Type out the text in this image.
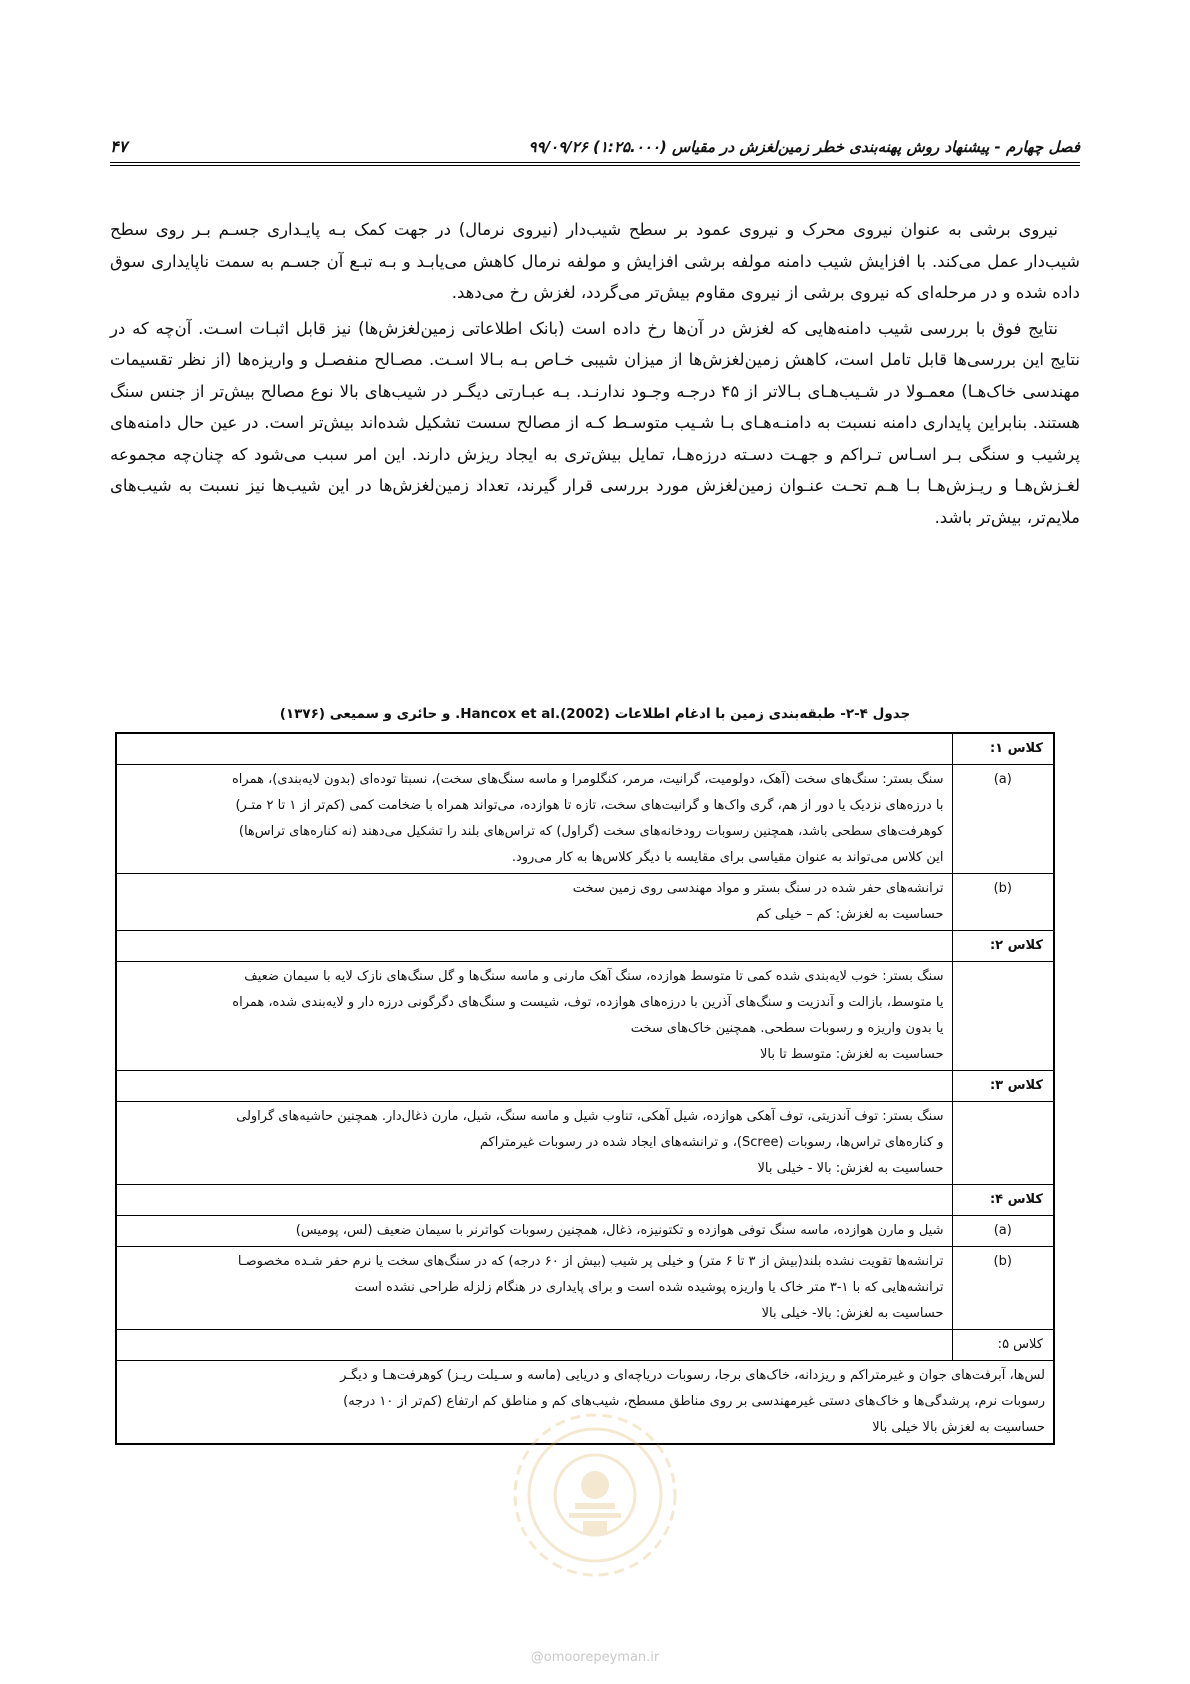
فصل چهارم - پیشنهاد روش پهنه‌بندی خطر زمین‌لغزش در مقیاس (۱:۲۵.۰۰۰) ۹۹/۰۹/۲۶
۴۷

نیروی برشی به عنوان نیروی محرک و نیروی عمود بر سطح شیب‌دار (نیروی نرمال) در جهت کمک بـه پایـداری جسـم بـر روی سطح شیب‌دار عمل می‌کند. با افزایش شیب دامنه مولفه برشی افزایش و مولفه نرمال کاهش می‌یابـد و بـه تبـع آن جسـم به سمت ناپایداری سوق داده شده و در مرحله‌ای که نیروی برشی از نیروی مقاوم بیش‌تر می‌گردد، لغزش رخ می‌دهد.

نتایج فوق با بررسی شیب دامنه‌هایی که لغزش در آن‌ها رخ داده است (بانک اطلاعاتی زمین‌لغزش‌ها) نیز قابل اثبـات اسـت. آن‌چه که در نتایج این بررسی‌ها قابل تامل است، کاهش زمین‌لغزش‌ها از میزان شیبی خـاص بـه بـالا اسـت. مصـالح منفصـل و واریزه‌ها (از نظر تقسیمات مهندسی خاک‌هـا) معمـولا در شـیب‌هـای بـالاتر از ۴۵ درجـه وجـود ندارنـد. بـه عبـارتی دیگـر در شیب‌های بالا نوع مصالح بیش‌تر از جنس سنگ هستند. بنابراین پایداری دامنه نسبت به دامنـه‌هـای بـا شـیب متوسـط کـه از مصالح سست تشکیل شده‌اند بیش‌تر است. در عین حال دامنه‌های پرشیب و سنگی بـر اسـاس تـراکم و جهـت دسـته درزه‌هـا، تمایل بیش‌تری به ایجاد ریزش دارند. این امر سبب می‌شود که چنان‌چه مجموعه لغـزش‌هـا و ریـزش‌هـا بـا هـم تحـت عنـوان زمین‌لغزش مورد بررسی قرار گیرند، تعداد زمین‌لغزش‌ها در این شیب‌ها نیز نسبت به شیب‌های ملایم‌تر، بیش‌تر باشد.

جدول ۴-۲- طبقه‌بندی زمین با ادغام اطلاعات Hancox et al.(2002). و حائری و سمیعی (۱۳۷۶)
کلاس ۱:	
(a)	سنگ بستر: سنگ‌های سخت (آهک، دولومیت، گرانیت، مرمر، کنگلومرا و ماسه سنگ‌های سخت)، نسبتا توده‌ای (بدون لایه‌بندی)، همراه
با درزه‌های نزدیک یا دور از هم، گری واک‌ها و گرانیت‌های سخت، تازه تا هوازده، می‌تواند همراه با ضخامت کمی (کم‌تر از ۱ تا ۲ متـر)
کوهرفت‌های سطحی باشد، همچنین رسوبات رودخانه‌های سخت (گراول) که تراس‌های بلند را تشکیل می‌دهند (نه کناره‌های تراس‌ها)
این کلاس می‌تواند به عنوان مقیاسی برای مقایسه با دیگر کلاس‌ها به کار می‌رود.

(b)	ترانشه‌های حفر شده در سنگ بستر و مواد مهندسی روی زمین سخت
حساسیت به لغزش: کم – خیلی کم

کلاس ۲:	

	سنگ بستر: خوب لایه‌بندی شده کمی تا متوسط هوازده، سنگ آهک مارنی و ماسه سنگ‌ها و گل سنگ‌های نازک لایه با سیمان ضعیف
یا متوسط، بازالت و آندزیت و سنگ‌های آذرین با درزه‌های هوازده، توف، شیست و سنگ‌های دگرگونی درزه دار و لایه‌بندی شده، همراه
یا بدون واریزه و رسوبات سطحی. همچنین خاک‌های سخت
حساسیت به لغزش: متوسط تا بالا

کلاس ۳:	

	سنگ بستر: توف آندزیتی، توف آهکی هوازده، شیل آهکی، تناوب شیل و ماسه سنگ، شیل، مارن ذغال‌دار. همچنین حاشیه‌های گراولی
و کناره‌های تراس‌ها، رسوبات (Scree)، و ترانشه‌های ایجاد شده در رسوبات غیرمتراکم
حساسیت به لغزش: بالا - خیلی بالا

کلاس ۴:	
(a)	شیل و مارن هوازده، ماسه سنگ توفی هوازده و تکتونیزه، ذغال، همچنین رسوبات کواترنر با سیمان ضعیف (لس، پومیس)

(b)	ترانشه‌ها تقویت نشده بلند(بیش از ۳ تا ۶ متر) و خیلی پر شیب (بیش از ۶۰ درجه) که در سنگ‌های سخت یا نرم حفر شـده مخصوصـا
ترانشه‌هایی که با ۱-۳ متر خاک یا واریزه پوشیده شده است و برای پایداری در هنگام زلزله طراحی نشده است
حساسیت به لغزش: بالا- خیلی بالا

کلاس ۵:	

لس‌ها، آبرفت‌های جوان و غیرمتراکم و ریزدانه، خاک‌های برجا، رسوبات دریاچه‌ای و دریایی (ماسه و سـیلت ریـز) کوهرفت‌هـا و دیگـر
رسوبات نرم، پرشدگی‌ها و خاک‌های دستی غیرمهندسی بر روی مناطق مسطح، شیب‌های کم و مناطق کم ارتفاع (کم‌تر از ۱۰ درجه)
حساسیت به لغزش بالا خیلی بالا	
@omoorepeyman.ir
